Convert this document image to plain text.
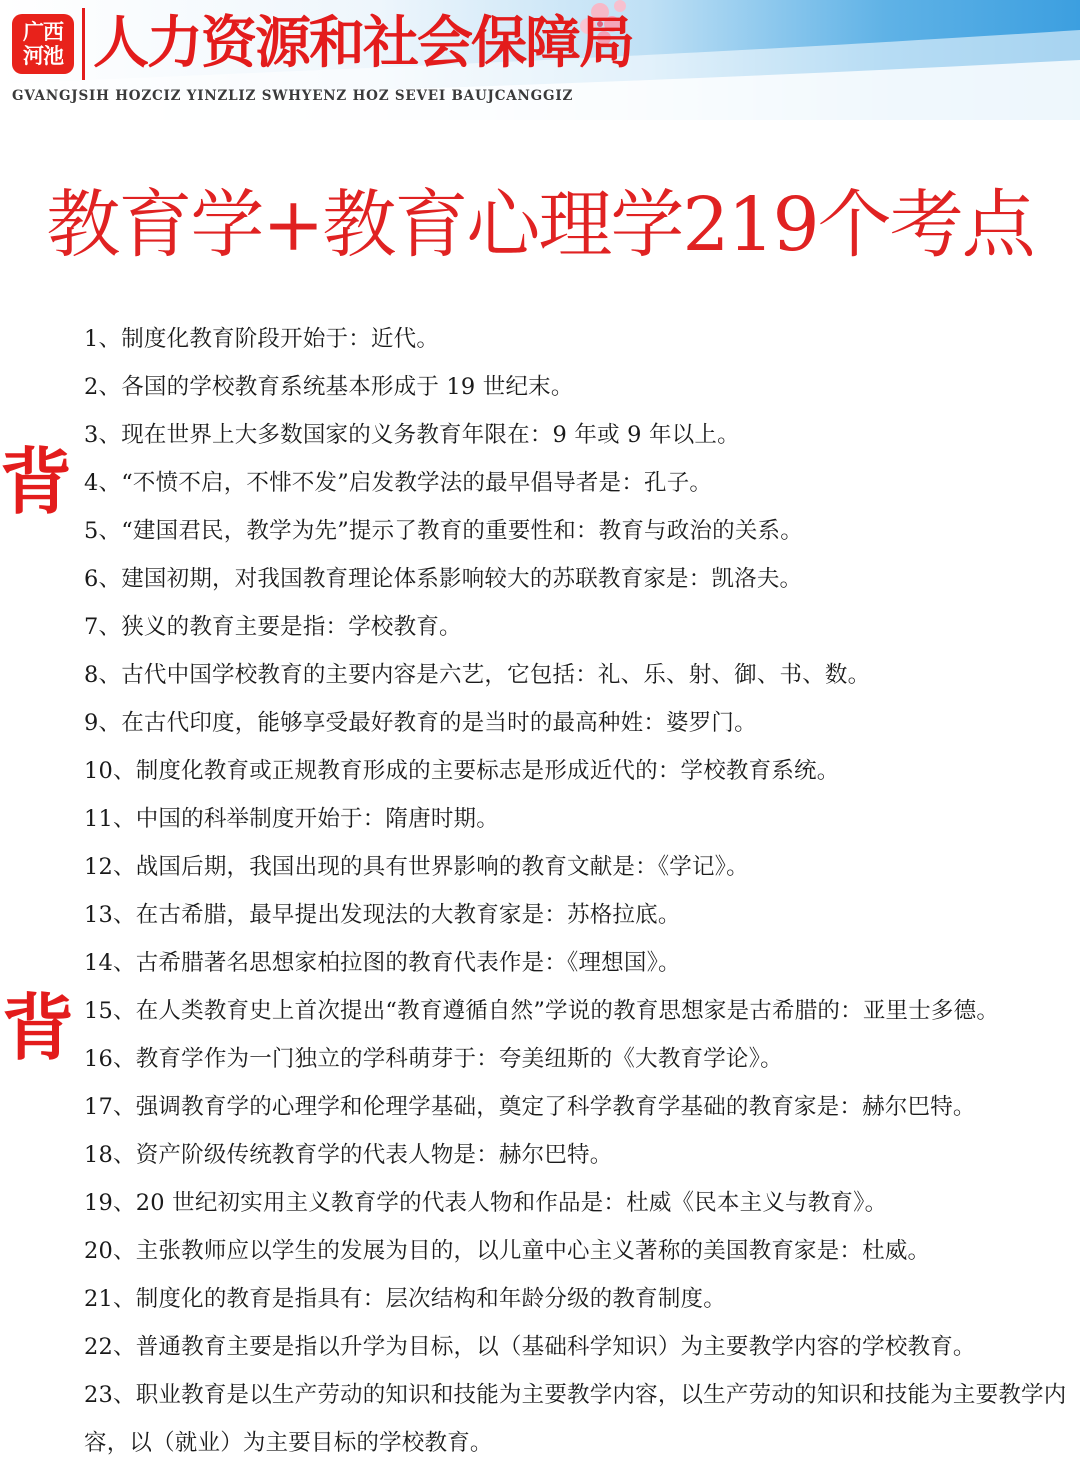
广西
河池 人力资源和社会保障局
GVANGJSIH HOZCIZ YINZLIZ SWHYENZ HOZ SEVEI BAUJCANGGIZ
教育学+教育心理学219个考点
背
背
1、制度化教育阶段开始于：近代。
2、各国的学校教育系统基本形成于 19 世纪末。
3、现在世界上大多数国家的义务教育年限在：9 年或 9 年以上。
4、“不愤不启，不悱不发”启发教学法的最早倡导者是：孔子。
5、“建国君民，教学为先”提示了教育的重要性和：教育与政治的关系。
6、建国初期，对我国教育理论体系影响较大的苏联教育家是：凯洛夫。
7、狭义的教育主要是指：学校教育。
8、古代中国学校教育的主要内容是六艺，它包括：礼、乐、射、御、书、数。
9、在古代印度，能够享受最好教育的是当时的最高种姓：婆罗门。
10、制度化教育或正规教育形成的主要标志是形成近代的：学校教育系统。
11、中国的科举制度开始于：隋唐时期。
12、战国后期，我国出现的具有世界影响的教育文献是：《学记》。
13、在古希腊，最早提出发现法的大教育家是：苏格拉底。
14、古希腊著名思想家柏拉图的教育代表作是：《理想国》。
15、在人类教育史上首次提出“教育遵循自然”学说的教育思想家是古希腊的：亚里士多德。
16、教育学作为一门独立的学科萌芽于：夸美纽斯的《大教育学论》。
17、强调教育学的心理学和伦理学基础，奠定了科学教育学基础的教育家是：赫尔巴特。
18、资产阶级传统教育学的代表人物是：赫尔巴特。
19、20 世纪初实用主义教育学的代表人物和作品是：杜威《民本主义与教育》。
20、主张教师应以学生的发展为目的，以儿童中心主义著称的美国教育家是：杜威。
21、制度化的教育是指具有：层次结构和年龄分级的教育制度。
22、普通教育主要是指以升学为目标，以（基础科学知识）为主要教学内容的学校教育。
23、职业教育是以生产劳动的知识和技能为主要教学内容，以生产劳动的知识和技能为主要教学内容，以（就业）为主要目标的学校教育。
